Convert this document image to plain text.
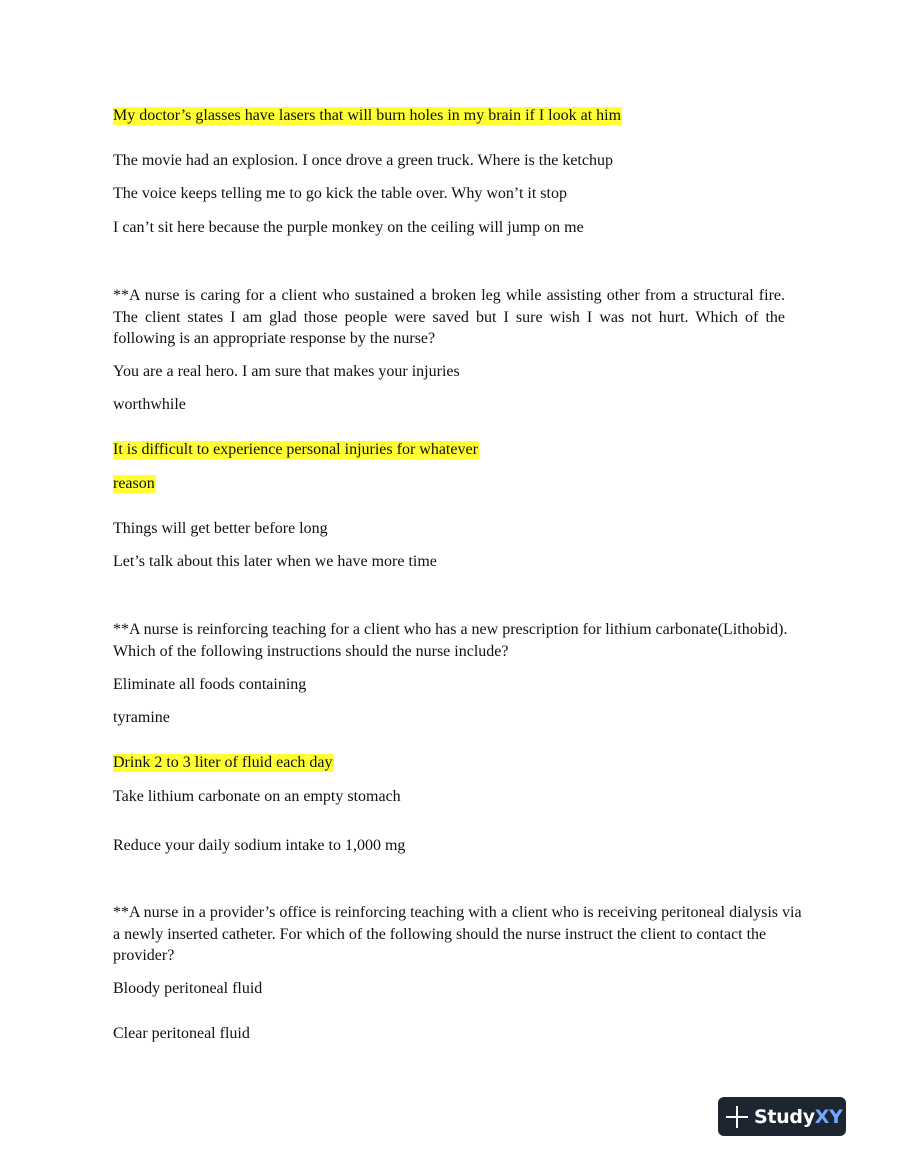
My doctor’s glasses have lasers that will burn holes in my brain if I look at him

The movie had an explosion. I once drove a green truck. Where is the ketchup

The voice keeps telling me to go kick the table over. Why won’t it stop

I can’t sit here because the purple monkey on the ceiling will jump on me

**A nurse is caring for a client who sustained a broken leg while assisting other from a structural fire. The client states I am glad those people were saved but I sure wish I was not hurt. Which of the following is an appropriate response by the nurse?

You are a real hero. I am sure that makes your injuries

worthwhile

It is difficult to experience personal injuries for whatever

reason

Things will get better before long

Let’s talk about this later when we have more time

**A nurse is reinforcing teaching for a client who has a new prescription for lithium carbonate(Lithobid). Which of the following instructions should the nurse include?

Eliminate all foods containing

tyramine

Drink 2 to 3 liter of fluid each day

Take lithium carbonate on an empty stomach

Reduce your daily sodium intake to 1,000 mg

**A nurse in a provider’s office is reinforcing teaching with a client who is receiving peritoneal dialysis via a newly inserted catheter. For which of the following should the nurse instruct the client to contact the provider?

Bloody peritoneal fluid

Clear peritoneal fluid

StudyXY
